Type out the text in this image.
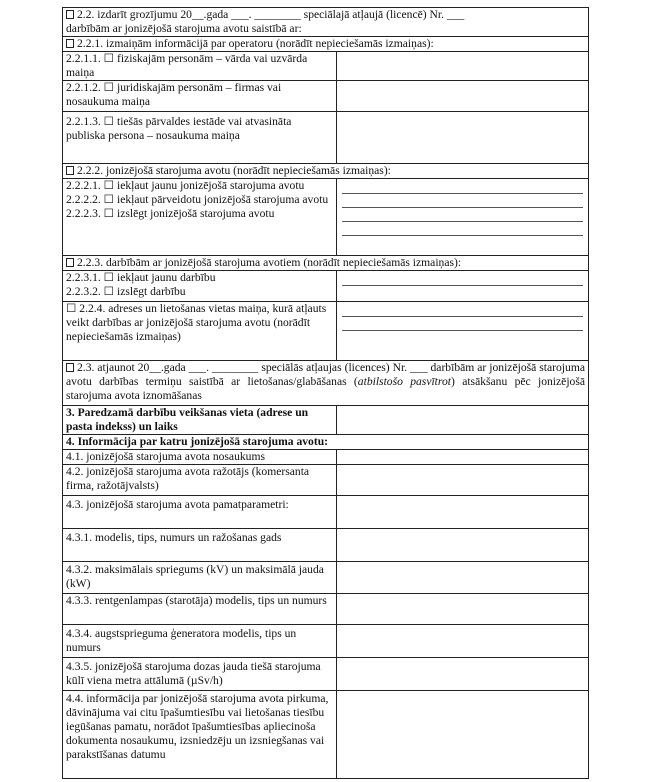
2.2. izdarīt grozījumu 20__.gada ___. ________ speciālajā atļaujā (licencē) Nr. ___
darbībām ar jonizējošā starojuma avotu saistībā ar:	
2.2.1. izmaiņām informācijā par operatoru (norādīt nepieciešamās izmaiņas):	
2.2.1.1. ☐ fiziskajām personām – vārda vai uzvārda maiņa	
2.2.1.2. ☐ juridiskajām personām – firmas vai nosaukuma maiņa	
2.2.1.3. ☐ tiešās pārvaldes iestāde vai atvasināta publiska persona – nosaukuma maiņa	
2.2.2. jonizējošā starojuma avotu (norādīt nepieciešamās izmaiņas):	

2.2.2.1. ☐ iekļaut jaunu jonizējošā starojuma avotu
2.2.2.2. ☐ iekļaut pārveidotu jonizējošā starojuma avotu
2.2.2.3. ☐ izslēgt jonizējošā starojuma avotu	

2.2.3. darbībām ar jonizējošā starojuma avotiem (norādīt nepieciešamās izmaiņas):	

2.2.3.1. ☐ iekļaut jaunu darbību
2.2.3.2. ☐ izslēgt darbību	

☐ 2.2.4. adreses un lietošanas vietas maiņa, kurā atļauts veikt darbības ar jonizējošā starojuma avotu (norādīt nepieciešamās izmaiņas)	

2.3. atjaunot 20__.gada ___. ________ speciālās atļaujas (licences) Nr. ___ darbībām ar jonizējošā starojuma avotu darbības termiņu saistībā ar lietošanas/glabāšanas (atbilstošo pasvītrot) atsākšanu pēc jonizējošā starojuma avota iznomāšanas	
3. Paredzamā darbību veikšanas vieta (adrese un pasta indekss) un laiks	
4. Informācija par katru jonizējošā starojuma avotu:	
4.1. jonizējošā starojuma avota nosaukums	
4.2. jonizējošā starojuma avota ražotājs (komersanta firma, ražotājvalsts)	
4.3. jonizējošā starojuma avota pamatparametri:	
4.3.1. modelis, tips, numurs un ražošanas gads	
4.3.2. maksimālais spriegums (kV) un maksimālā jauda (kW)	
4.3.3. rentgenlampas (starotāja) modelis, tips un numurs	
4.3.4. augstsprieguma ģeneratora modelis, tips un numurs	
4.3.5. jonizējošā starojuma dozas jauda tiešā starojuma kūlī viena metra attālumā (µSv/h)	
4.4. informācija par jonizējošā starojuma avota pirkuma, dāvinājuma vai citu īpašumtiesību vai lietošanas tiesību iegūšanas pamatu, norādot īpašumtiesības apliecinoša dokumenta nosaukumu, izsniedzēju un izsniegšanas vai parakstīšanas datumu	
